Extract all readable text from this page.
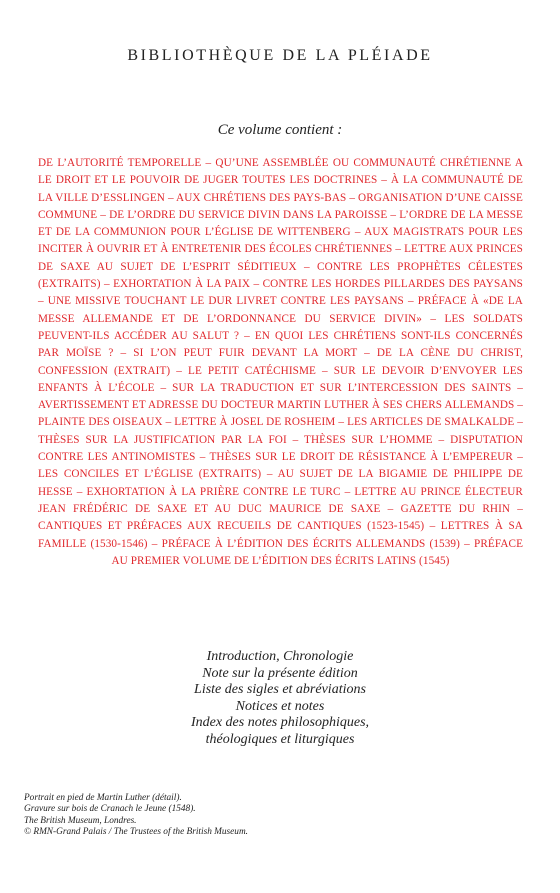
BIBLIOTHÈQUE DE LA PLÉIADE
Ce volume contient :
DE L’AUTORITÉ TEMPORELLE – QU’UNE ASSEMBLÉE OU COMMUNAUTÉ CHRÉTIENNE A LE DROIT ET LE POUVOIR DE JUGER TOUTES LES DOCTRINES – À LA COMMUNAUTÉ DE LA VILLE D’ESSLINGEN – AUX CHRÉTIENS DES PAYS-BAS – ORGANISATION D’UNE CAISSE COMMUNE – DE L’ORDRE DU SERVICE DIVIN DANS LA PAROISSE – L’ORDRE DE LA MESSE ET DE LA COMMUNION POUR L’ÉGLISE DE WITTENBERG – AUX MAGISTRATS POUR LES INCITER À OUVRIR ET À ENTRETENIR DES ÉCOLES CHRÉTIENNES – LETTRE AUX PRINCES DE SAXE AU SUJET DE L’ESPRIT SÉDITIEUX – CONTRE LES PROPHÈTES CÉLESTES (EXTRAITS) – EXHORTATION À LA PAIX – CONTRE LES HORDES PILLARDES DES PAYSANS – UNE MISSIVE TOUCHANT LE DUR LIVRET CONTRE LES PAYSANS – PRÉFACE À «DE LA MESSE ALLEMANDE ET DE L’ORDONNANCE DU SERVICE DIVIN» – LES SOLDATS PEUVENT-ILS ACCÉDER AU SALUT ? – EN QUOI LES CHRÉTIENS SONT-ILS CONCERNÉS PAR MOÏSE ? – SI L’ON PEUT FUIR DEVANT LA MORT – DE LA CÈNE DU CHRIST, CONFESSION (EXTRAIT) – LE PETIT CATÉCHISME – SUR LE DEVOIR D’ENVOYER LES ENFANTS À L’ÉCOLE – SUR LA TRADUCTION ET SUR L’INTERCESSION DES SAINTS – AVERTISSEMENT ET ADRESSE DU DOCTEUR MARTIN LUTHER À SES CHERS ALLEMANDS – PLAINTE DES OISEAUX – LETTRE À JOSEL DE ROSHEIM – LES ARTICLES DE SMALKALDE – THÈSES SUR LA JUSTIFICATION PAR LA FOI – THÈSES SUR L’HOMME – DISPUTATION CONTRE LES ANTINOMISTES – THÈSES SUR LE DROIT DE RÉSISTANCE À L’EMPEREUR – LES CONCILES ET L’ÉGLISE (EXTRAITS) – AU SUJET DE LA BIGAMIE DE PHILIPPE DE HESSE – EXHORTATION À LA PRIÈRE CONTRE LE TURC – LETTRE AU PRINCE ÉLECTEUR JEAN FRÉDÉRIC DE SAXE ET AU DUC MAURICE DE SAXE – GAZETTE DU RHIN – CANTIQUES ET PRÉFACES AUX RECUEILS DE CANTIQUES (1523-1545) – LETTRES À SA FAMILLE (1530-1546) – PRÉFACE À L’ÉDITION DES ÉCRITS ALLEMANDS (1539) – PRÉFACE AU PREMIER VOLUME DE L’ÉDITION DES ÉCRITS LATINS (1545)
Introduction, Chronologie
Note sur la présente édition
Liste des sigles et abréviations
Notices et notes
Index des notes philosophiques,
théologiques et liturgiques
Portrait en pied de Martin Luther (détail).
Gravure sur bois de Cranach le Jeune (1548).
The British Museum, Londres.
© RMN-Grand Palais / The Trustees of the British Museum.
